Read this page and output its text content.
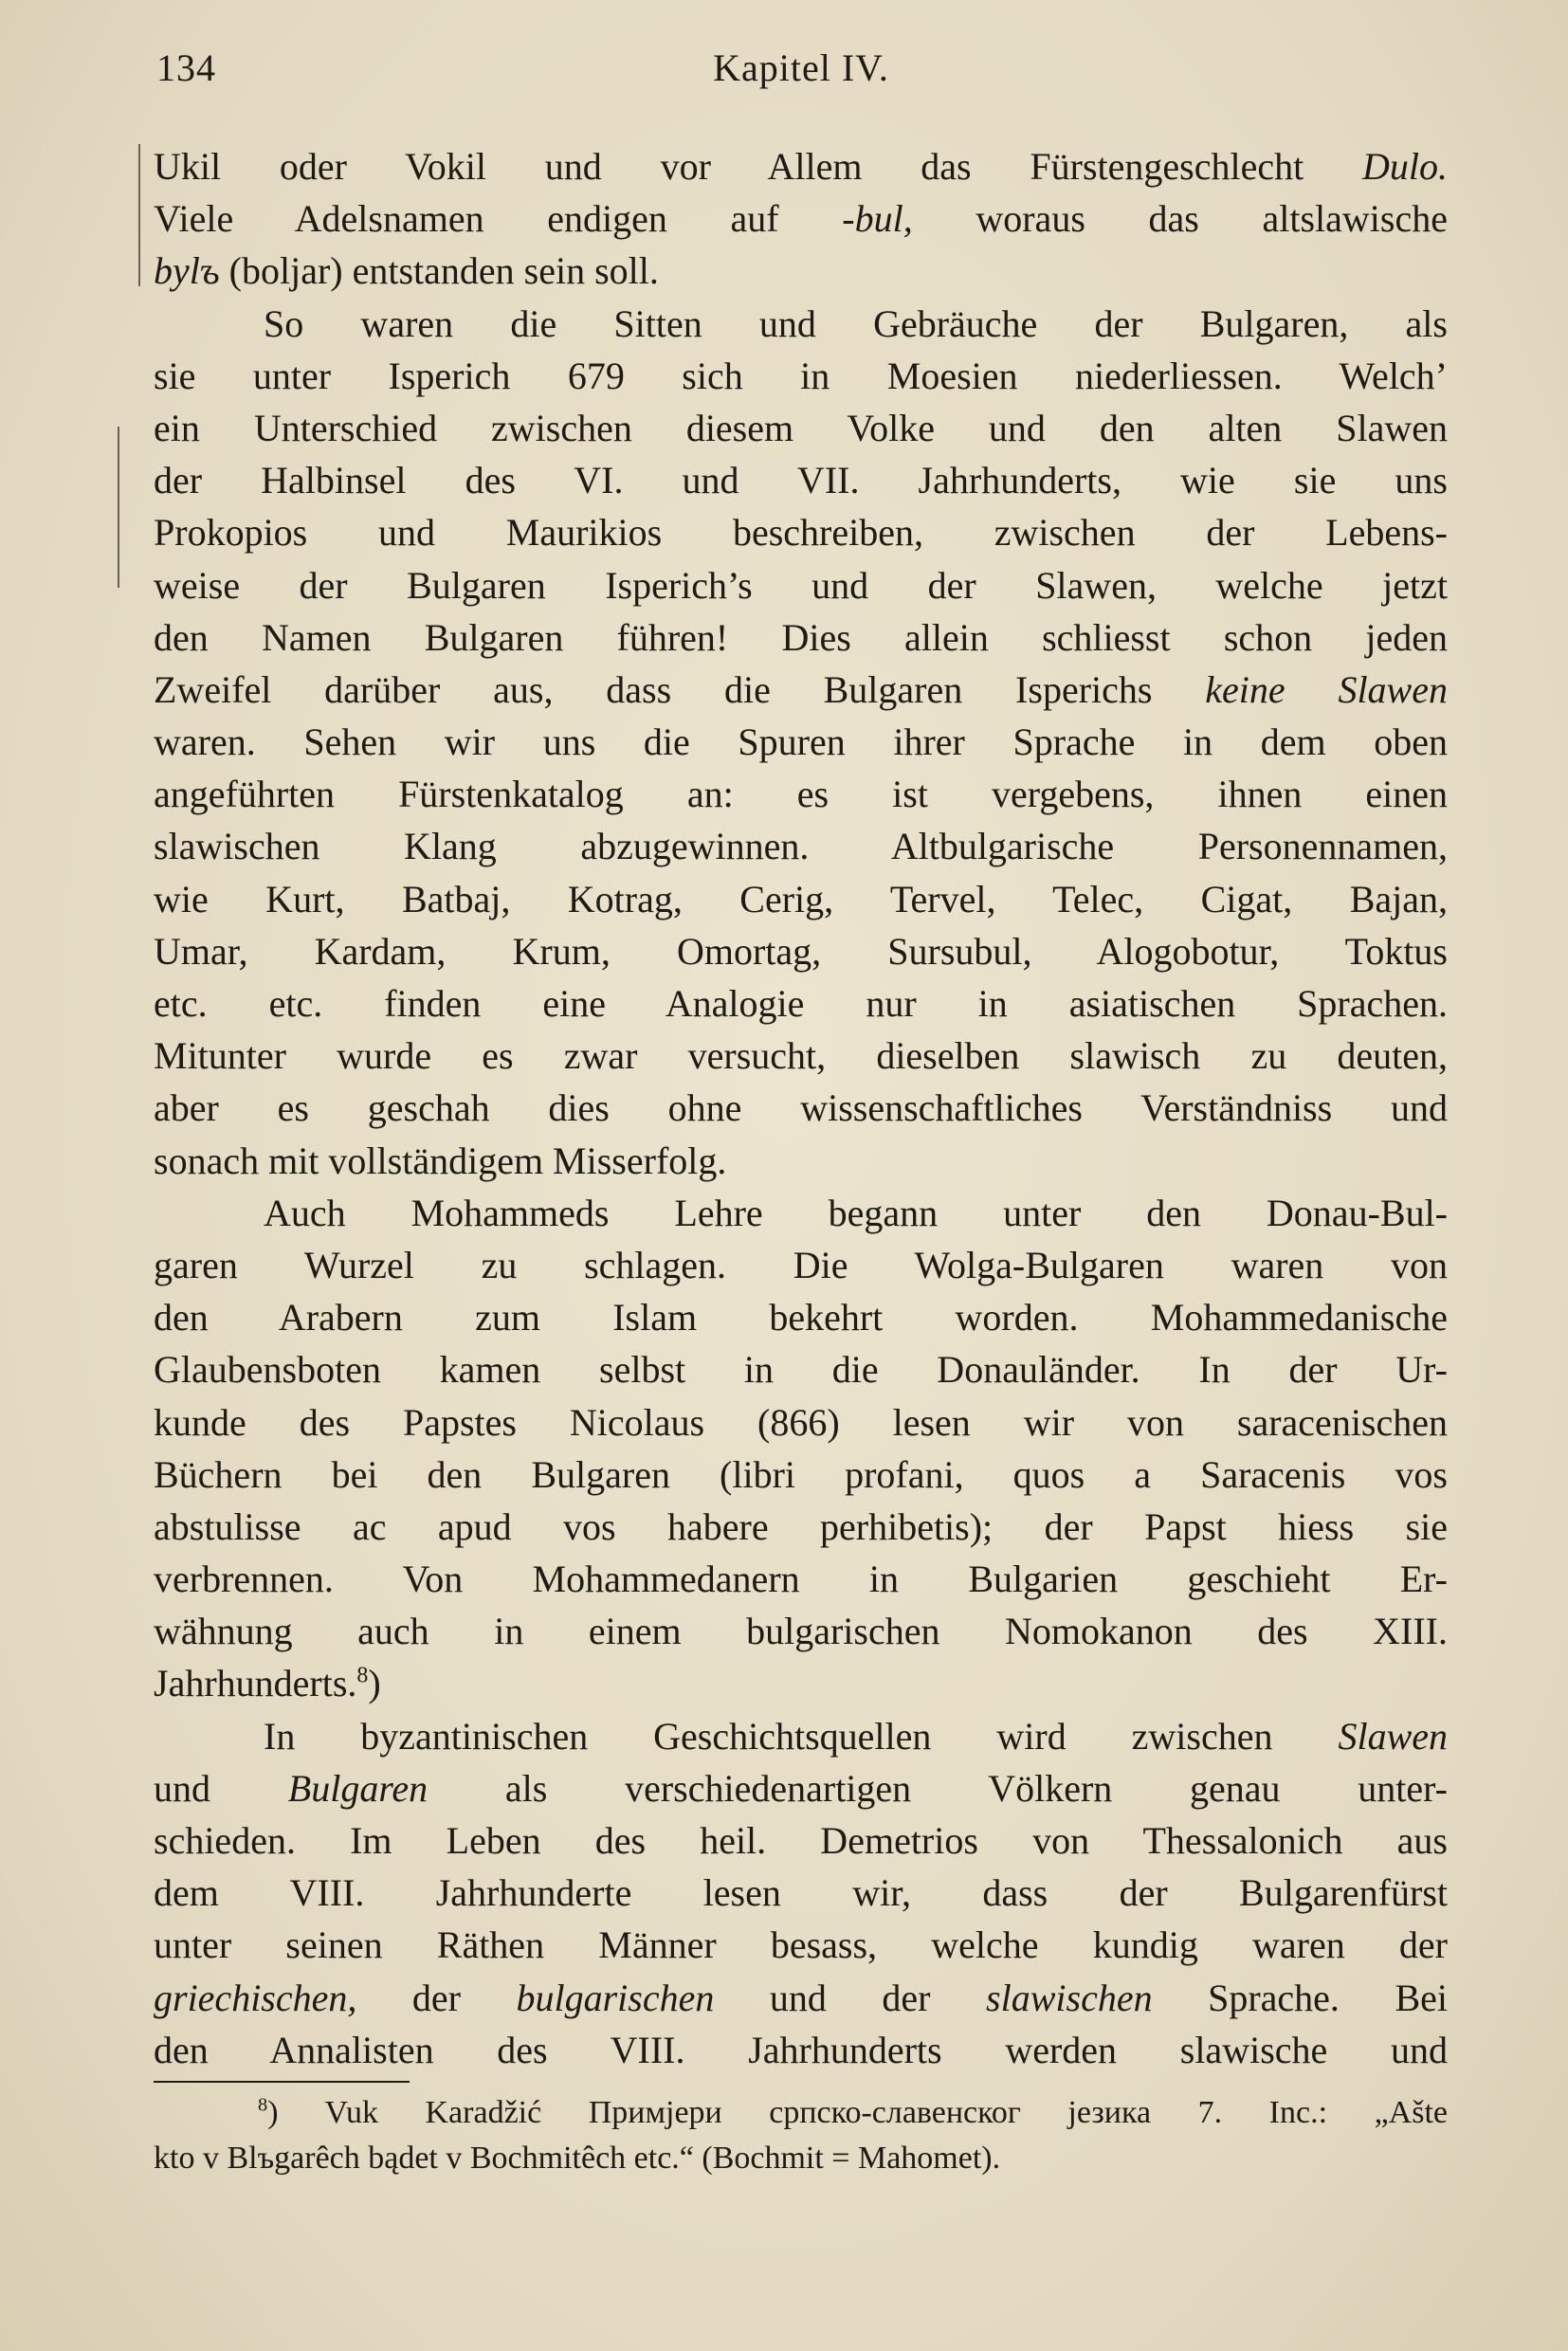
134	Kapitel IV.
Ukil oder Vokil und vor Allem das Fürstengeschlecht Dulo.
Viele Adelsnamen endigen auf -bul, woraus das altslawische
bylъ (boljar) entstanden sein soll.
So waren die Sitten und Gebräuche der Bulgaren, als
sie unter Isperich 679 sich in Moesien niederliessen. Welch’
ein Unterschied zwischen diesem Volke und den alten Slawen
der Halbinsel des VI. und VII. Jahrhunderts, wie sie uns
Prokopios und Maurikios beschreiben, zwischen der Lebens-
weise der Bulgaren Isperich’s und der Slawen, welche jetzt
den Namen Bulgaren führen! Dies allein schliesst schon jeden
Zweifel darüber aus, dass die Bulgaren Isperichs keine Slawen
waren. Sehen wir uns die Spuren ihrer Sprache in dem oben
angeführten Fürstenkatalog an: es ist vergebens, ihnen einen
slawischen Klang abzugewinnen. Altbulgarische Personennamen,
wie Kurt, Batbaj, Kotrag, Cerig, Tervel, Telec, Cigat, Bajan,
Umar, Kardam, Krum, Omortag, Sursubul, Alogobotur, Toktus
etc. etc. finden eine Analogie nur in asiatischen Sprachen.
Mitunter wurde es zwar versucht, dieselben slawisch zu deuten,
aber es geschah dies ohne wissenschaftliches Verständniss und
sonach mit vollständigem Misserfolg.
Auch Mohammeds Lehre begann unter den Donau-Bul-
garen Wurzel zu schlagen. Die Wolga-Bulgaren waren von
den Arabern zum Islam bekehrt worden. Mohammedanische
Glaubensboten kamen selbst in die Donauländer. In der Ur-
kunde des Papstes Nicolaus (866) lesen wir von saracenischen
Büchern bei den Bulgaren (libri profani, quos a Saracenis vos
abstulisse ac apud vos habere perhibetis); der Papst hiess sie
verbrennen. Von Mohammedanern in Bulgarien geschieht Er-
wähnung auch in einem bulgarischen Nomokanon des XIII.
Jahrhunderts.$^8$)
In byzantinischen Geschichtsquellen wird zwischen Slawen
und Bulgaren als verschiedenartigen Völkern genau unter-
schieden. Im Leben des heil. Demetrios von Thessalonich aus
dem VIII. Jahrhunderte lesen wir, dass der Bulgarenfürst
unter seinen Räthen Männer besass, welche kundig waren der
griechischen, der bulgarischen und der slawischen Sprache. Bei
den Annalisten des VIII. Jahrhunderts werden slawische und
$^8$) Vuk Karadžić Примјери српско-славенског језика 7. Inc.: „Ašte
kto v Blъgarêch bądet v Bochmitêch etc.“ (Bochmit = Mahomet).
